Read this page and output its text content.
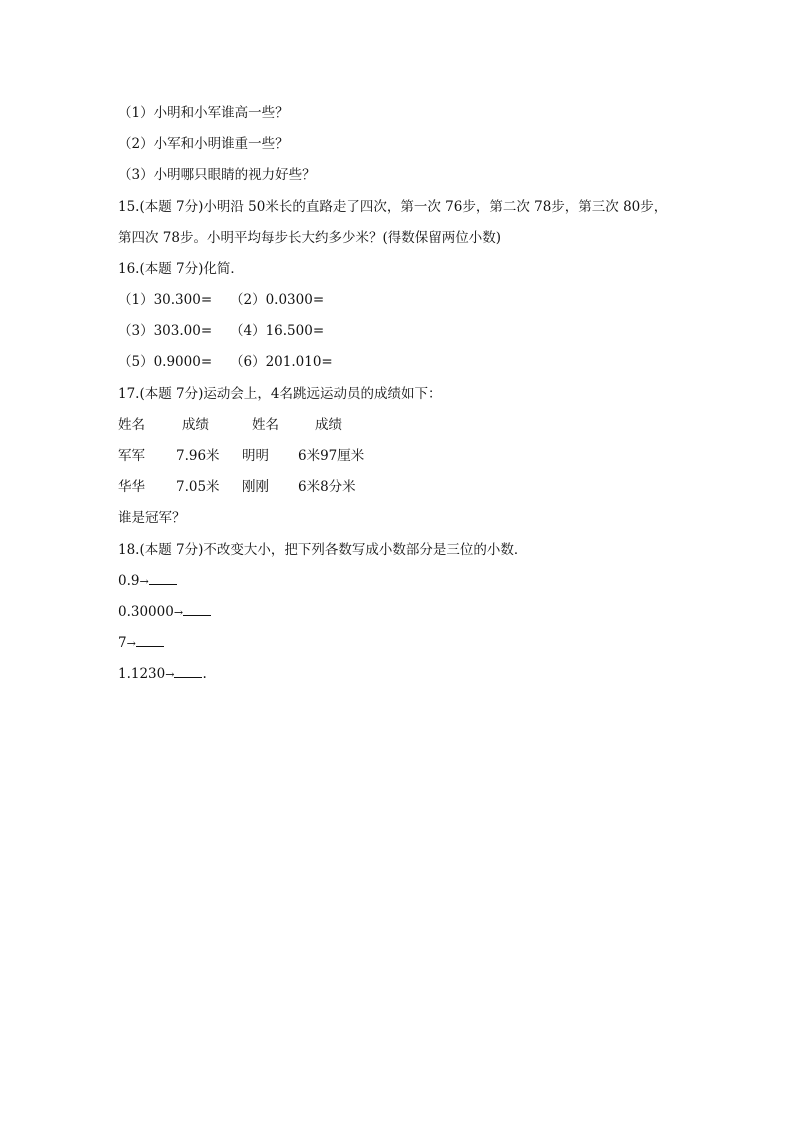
（1）小明和小军谁高一些？
（2）小军和小明谁重一些？
（3）小明哪只眼睛的视力好些？
15.(本题 7分)小明沿 50米长的直路走了四次，第一次 76步，第二次 78步，第三次 80步，
第四次 78步。小明平均每步长大约多少米？(得数保留两位小数)
16.(本题 7分)化简．
（1）30.300= （2）0.0300=
（3）303.00= （4）16.500=
（5）0.9000= （6）201.010=
17.(本题 7分)运动会上，4名跳远运动员的成绩如下：
姓名	成绩	姓名	成绩
军军 7.96米 明明 6米97厘米
华华 7.05米 刚刚 6米8分米
谁是冠军？
18.(本题 7分)不改变大小，把下列各数写成小数部分是三位的小数．
0.9→
0.30000→
7→
1.1230→ .
